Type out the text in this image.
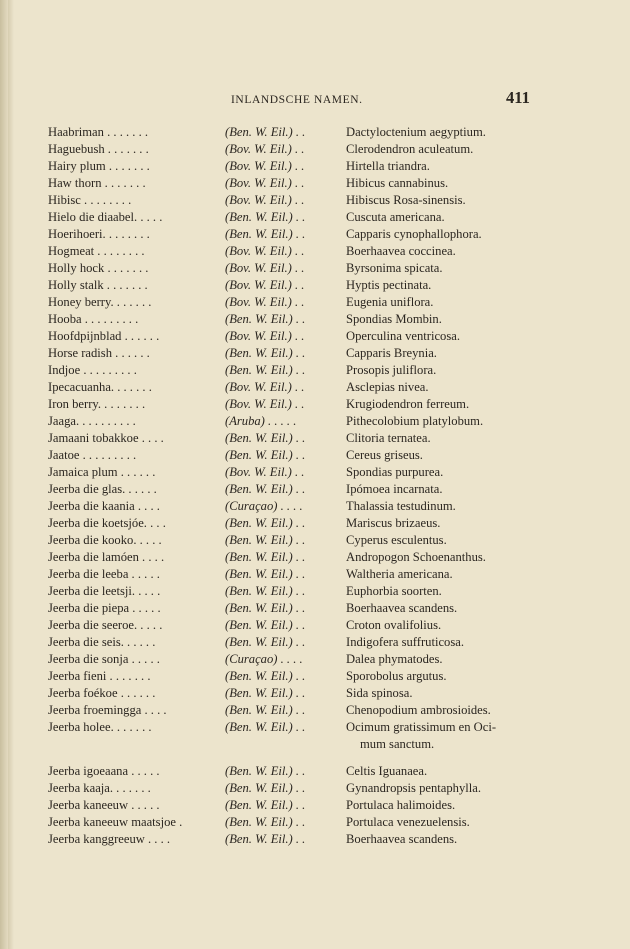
INLANDSCHE NAMEN.	411
Haabriman . . . . . . .	(Ben. W. Eil.) . .	Dactyloctenium aegyptium.
Haguebush . . . . . . .	(Bov. W. Eil.) . .	Clerodendron aculeatum.
Hairy plum . . . . . . .	(Bov. W. Eil.) . .	Hirtella triandra.
Haw thorn . . . . . . .	(Bov. W. Eil.) . .	Hibicus cannabinus.
Hibisc . . . . . . . .	(Bov. W. Eil.) . .	Hibiscus Rosa-sinensis.
Hielo die diaabel. . . . .	(Ben. W. Eil.) . .	Cuscuta americana.
Hoerihoeri. . . . . . . .	(Ben. W. Eil.) . .	Capparis cynophallophora.
Hogmeat . . . . . . . .	(Bov. W. Eil.) . .	Boerhaavea coccinea.
Holly hock . . . . . . .	(Bov. W. Eil.) . .	Byrsonima spicata.
Holly stalk . . . . . . .	(Bov. W. Eil.) . .	Hyptis pectinata.
Honey berry. . . . . . .	(Bov. W. Eil.) . .	Eugenia uniflora.
Hooba . . . . . . . . .	(Ben. W. Eil.) . .	Spondias Mombin.
Hoofdpijnblad . . . . . .	(Bov. W. Eil.) . .	Operculina ventricosa.
Horse radish . . . . . .	(Ben. W. Eil.) . .	Capparis Breynia.
Indjoe . . . . . . . . .	(Ben. W. Eil.) . .	Prosopis juliflora.
Ipecacuanha. . . . . . .	(Bov. W. Eil.) . .	Asclepias nivea.
Iron berry. . . . . . . .	(Bov. W. Eil.) . .	Krugiodendron ferreum.
Jaaga. . . . . . . . . .	(Aruba) . . . . .	Pithecolobium platylobum.
Jamaani tobakkoe . . . .	(Ben. W. Eil.) . .	Clitoria ternatea.
Jaatoe . . . . . . . . .	(Ben. W. Eil.) . .	Cereus griseus.
Jamaica plum . . . . . .	(Bov. W. Eil.) . .	Spondias purpurea.
Jeerba die glas. . . . . .	(Ben. W. Eil.) . .	Ipómoea incarnata.
Jeerba die kaania . . . .	(Curaçao) . . . .	Thalassia testudinum.
Jeerba die koetsjóe. . . .	(Ben. W. Eil.) . .	Mariscus brizaeus.
Jeerba die kooko. . . . .	(Ben. W. Eil.) . .	Cyperus esculentus.
Jeerba die lamóen . . . .	(Ben. W. Eil.) . .	Andropogon Schoenanthus.
Jeerba die leeba . . . . .	(Ben. W. Eil.) . .	Waltheria americana.
Jeerba die leetsji. . . . .	(Ben. W. Eil.) . .	Euphorbia soorten.
Jeerba die piepa . . . . .	(Ben. W. Eil.) . .	Boerhaavea scandens.
Jeerba die seeroe. . . . .	(Ben. W. Eil.) . .	Croton ovalifolius.
Jeerba die seis. . . . . .	(Ben. W. Eil.) . .	Indigofera suffruticosa.
Jeerba die sonja . . . . .	(Curaçao) . . . .	Dalea phymatodes.
Jeerba fieni . . . . . . .	(Ben. W. Eil.) . .	Sporobolus argutus.
Jeerba foékoe . . . . . .	(Ben. W. Eil.) . .	Sida spinosa.
Jeerba froemingga . . . .	(Ben. W. Eil.) . .	Chenopodium ambrosioides.
Jeerba holee. . . . . . .	(Ben. W. Eil.) . .	Ocimum gratissimum en Oci-
mum sanctum.
Jeerba igoeaana . . . . .	(Ben. W. Eil.) . .	Celtis Iguanaea.
Jeerba kaaja. . . . . . .	(Ben. W. Eil.) . .	Gynandropsis pentaphylla.
Jeerba kaneeuw . . . . .	(Ben. W. Eil.) . .	Portulaca halimoides.
Jeerba kaneeuw maatsjoe .	(Ben. W. Eil.) . .	Portulaca venezuelensis.
Jeerba kanggreeuw . . . .	(Ben. W. Eil.) . .	Boerhaavea scandens.
